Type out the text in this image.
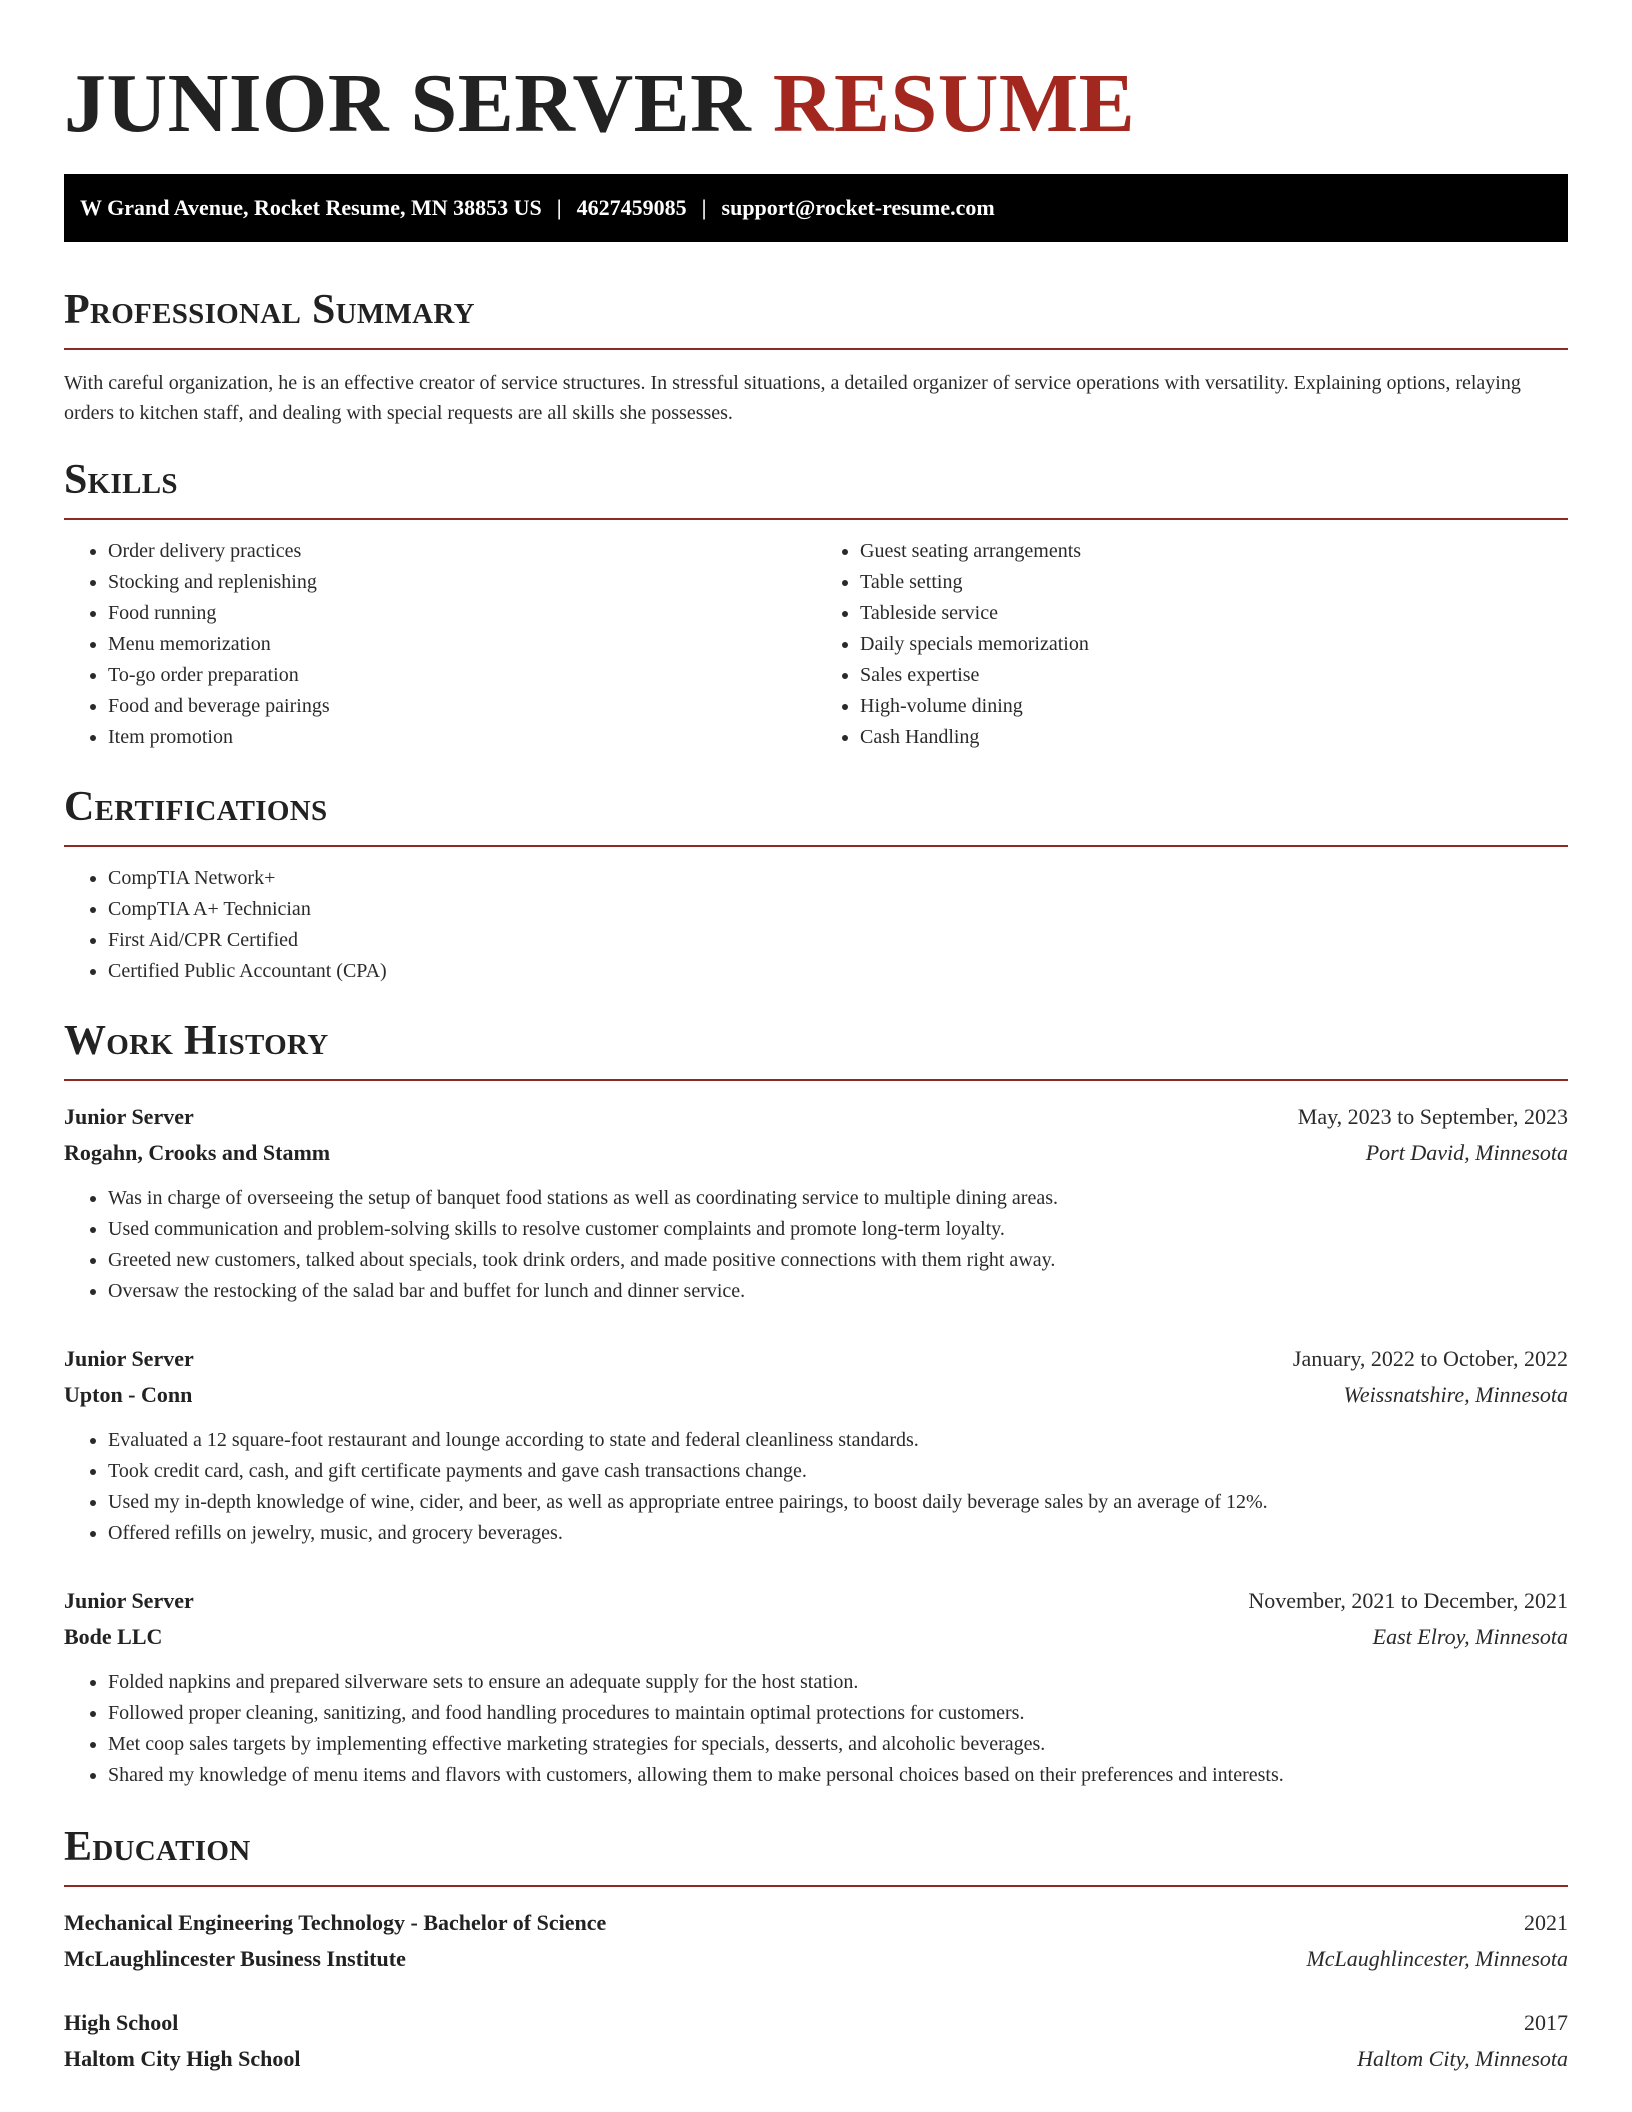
JUNIOR SERVER RESUME
W Grand Avenue, Rocket Resume, MN 38853 US | 4627459085 | support@rocket-resume.com
Professional Summary

With careful organization, he is an effective creator of service structures. In stressful situations, a detailed organizer of service operations with versatility. Explaining options, relaying orders to kitchen staff, and dealing with special requests are all skills she possesses.

Skills
• Order delivery practices
• Stocking and replenishing
• Food running
• Menu memorization
• To-go order preparation
• Food and beverage pairings
• Item promotion
• Guest seating arrangements
• Table setting
• Tableside service
• Daily specials memorization
• Sales expertise
• High-volume dining
• Cash Handling
Certifications
• CompTIA Network+
• CompTIA A+ Technician
• First Aid/CPR Certified
• Certified Public Accountant (CPA)
Work History
Junior Server	May, 2023 to September, 2023
Rogahn, Crooks and Stamm	Port David, Minnesota
• Was in charge of overseeing the setup of banquet food stations as well as coordinating service to multiple dining areas.
• Used communication and problem-solving skills to resolve customer complaints and promote long-term loyalty.
• Greeted new customers, talked about specials, took drink orders, and made positive connections with them right away.
• Oversaw the restocking of the salad bar and buffet for lunch and dinner service.
Junior Server	January, 2022 to October, 2022
Upton - Conn	Weissnatshire, Minnesota
• Evaluated a 12 square-foot restaurant and lounge according to state and federal cleanliness standards.
• Took credit card, cash, and gift certificate payments and gave cash transactions change.
• Used my in-depth knowledge of wine, cider, and beer, as well as appropriate entree pairings, to boost daily beverage sales by an average of 12%.
• Offered refills on jewelry, music, and grocery beverages.
Junior Server	November, 2021 to December, 2021
Bode LLC	East Elroy, Minnesota
• Folded napkins and prepared silverware sets to ensure an adequate supply for the host station.
• Followed proper cleaning, sanitizing, and food handling procedures to maintain optimal protections for customers.
• Met coop sales targets by implementing effective marketing strategies for specials, desserts, and alcoholic beverages.
• Shared my knowledge of menu items and flavors with customers, allowing them to make personal choices based on their preferences and interests.
Education
Mechanical Engineering Technology - Bachelor of Science	2021
McLaughlincester Business Institute	McLaughlincester, Minnesota
High School	2017
Haltom City High School	Haltom City, Minnesota
